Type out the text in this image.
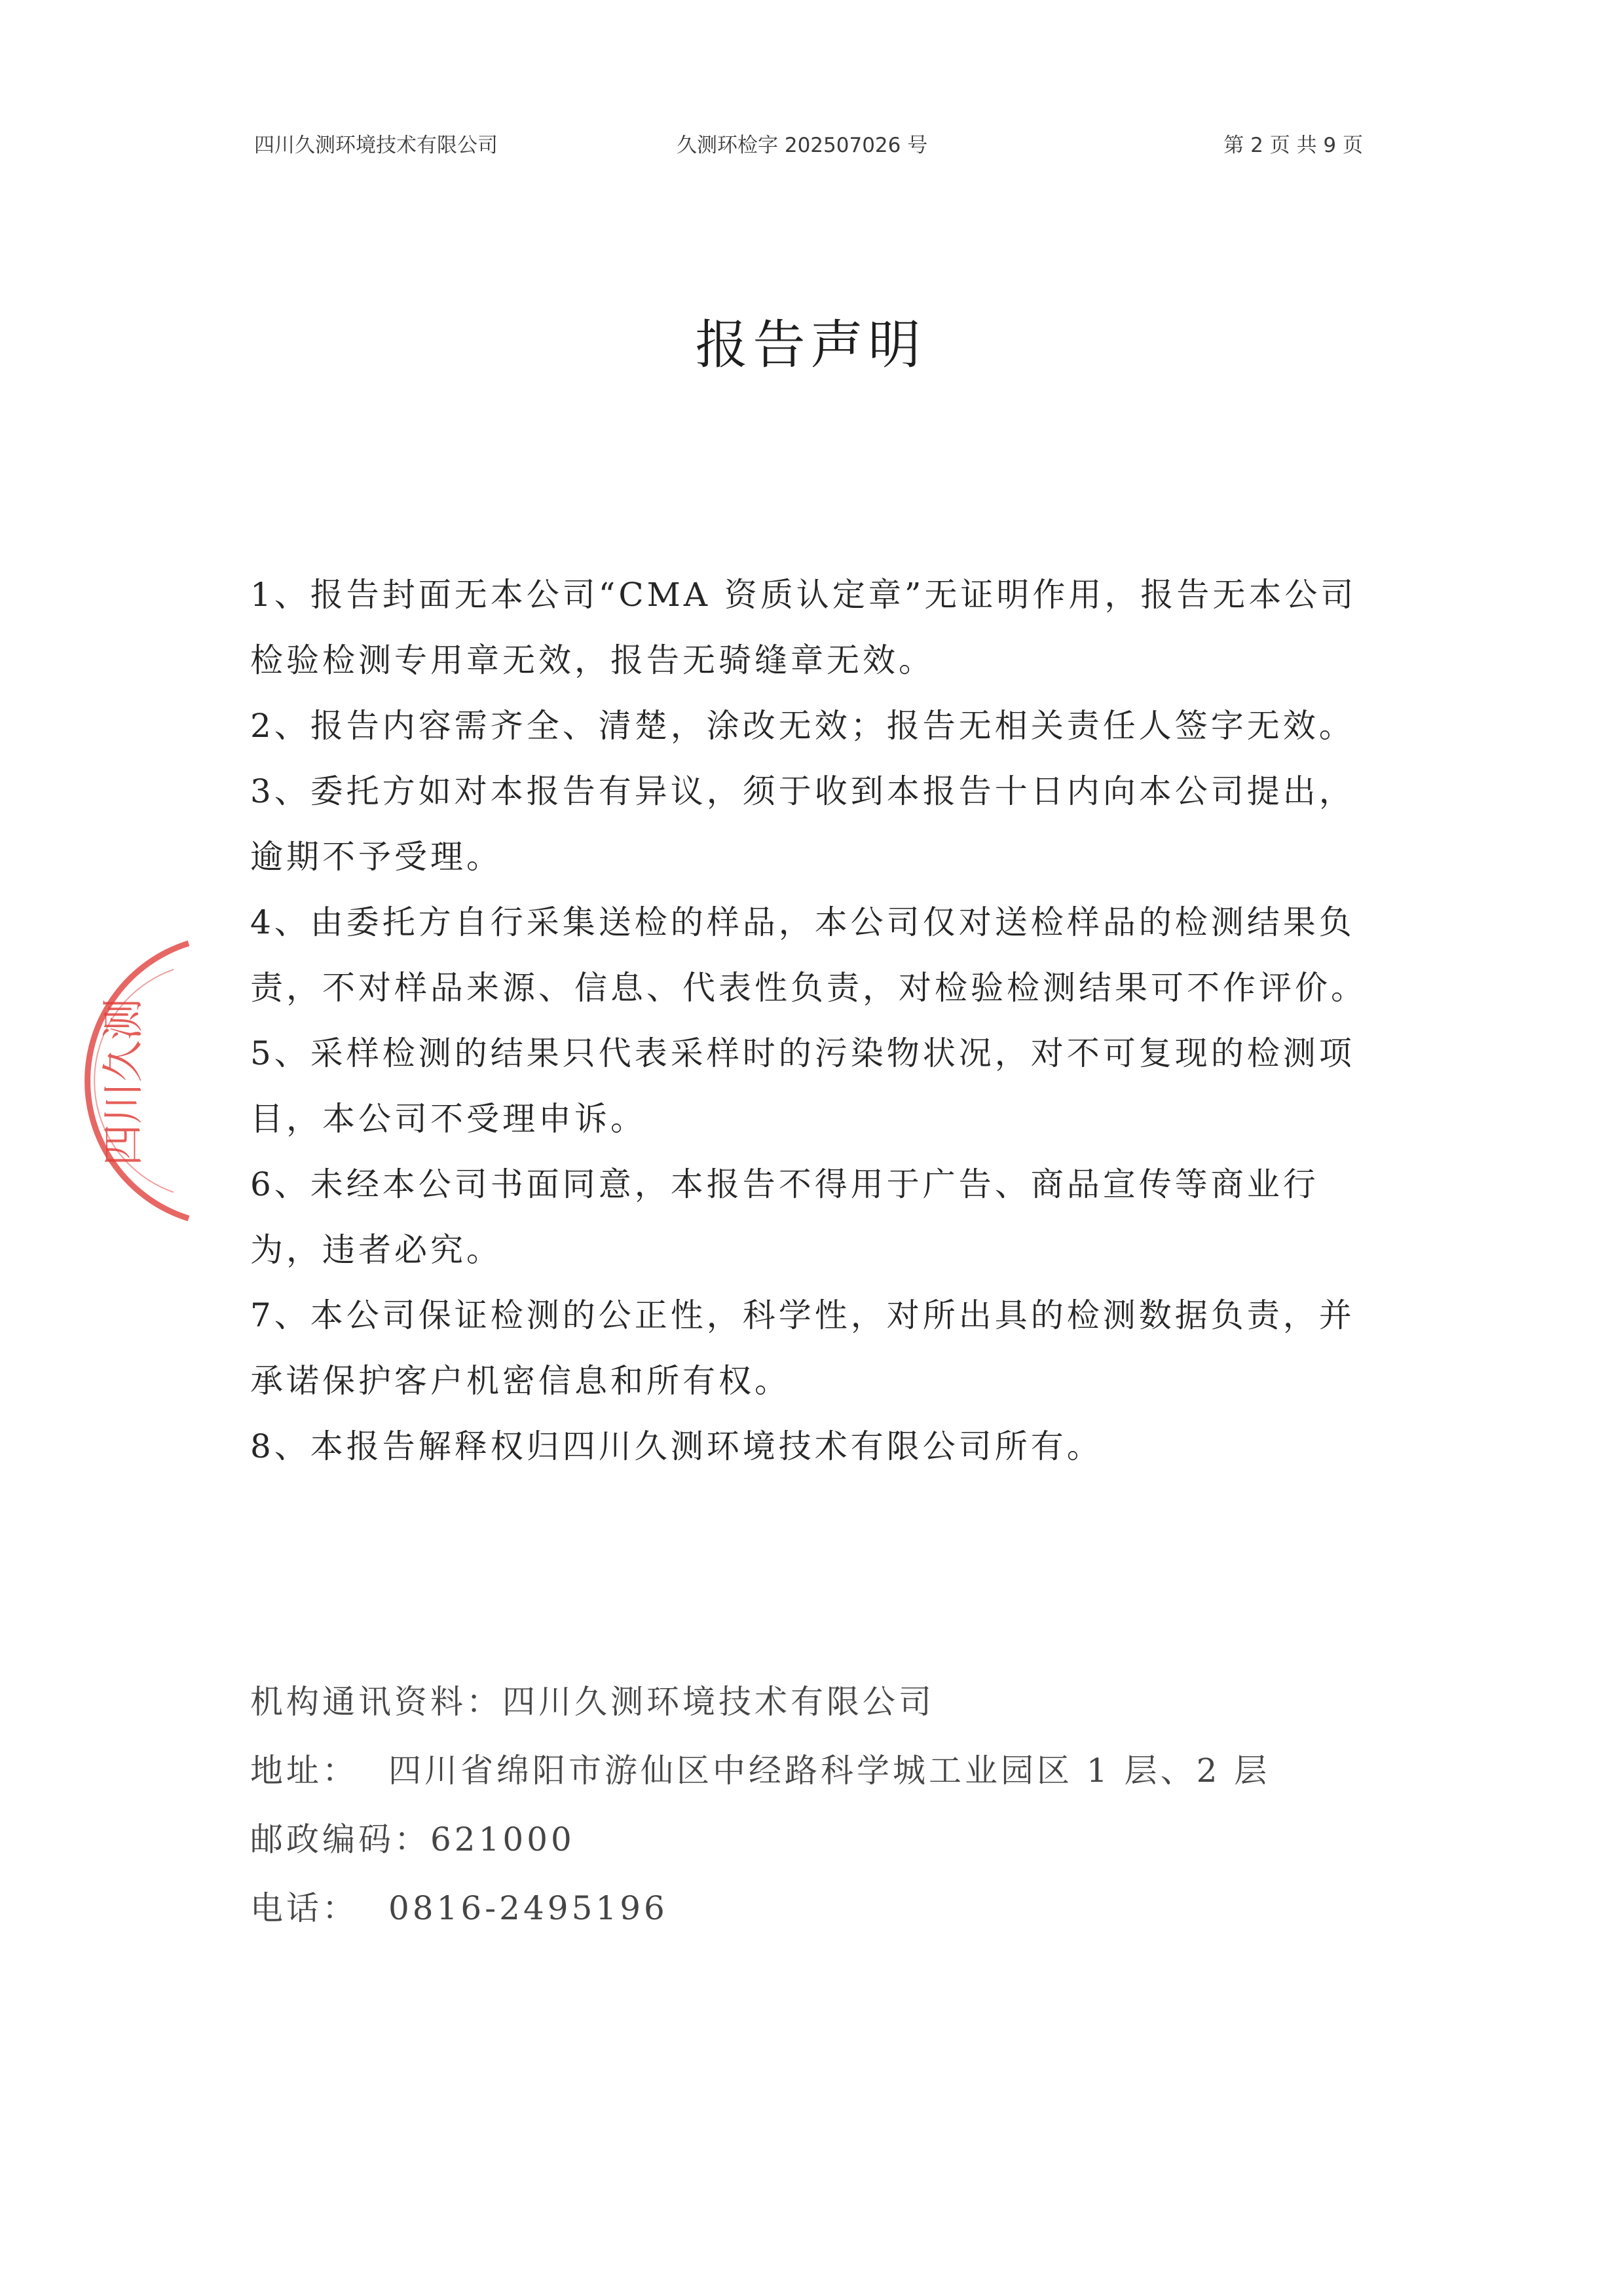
四川久测环境技术有限公司	久测环检字 202507026 号	第 2 页 共 9 页
报告声明

1、报告封面无本公司“CMA 资质认定章”无证明作用，报告无本公司检验检测专用章无效，报告无骑缝章无效。

2、报告内容需齐全、清楚，涂改无效；报告无相关责任人签字无效。

3、委托方如对本报告有异议，须于收到本报告十日内向本公司提出，逾期不予受理。

4、由委托方自行采集送检的样品，本公司仅对送检样品的检测结果负责，不对样品来源、信息、代表性负责，对检验检测结果可不作评价。

5、采样检测的结果只代表采样时的污染物状况，对不可复现的检测项目，本公司不受理申诉。

6、未经本公司书面同意，本报告不得用于广告、商品宣传等商业行为，违者必究。

7、本公司保证检测的公正性，科学性，对所出具的检测数据负责，并承诺保护客户机密信息和所有权。

8、本报告解释权归四川久测环境技术有限公司所有。

机构通讯资料：四川久测环境技术有限公司

地址： 四川省绵阳市游仙区中经路科学城工业园区 1 层、2 层

邮政编码：621000

电话： 0816-2495196

四川久测
